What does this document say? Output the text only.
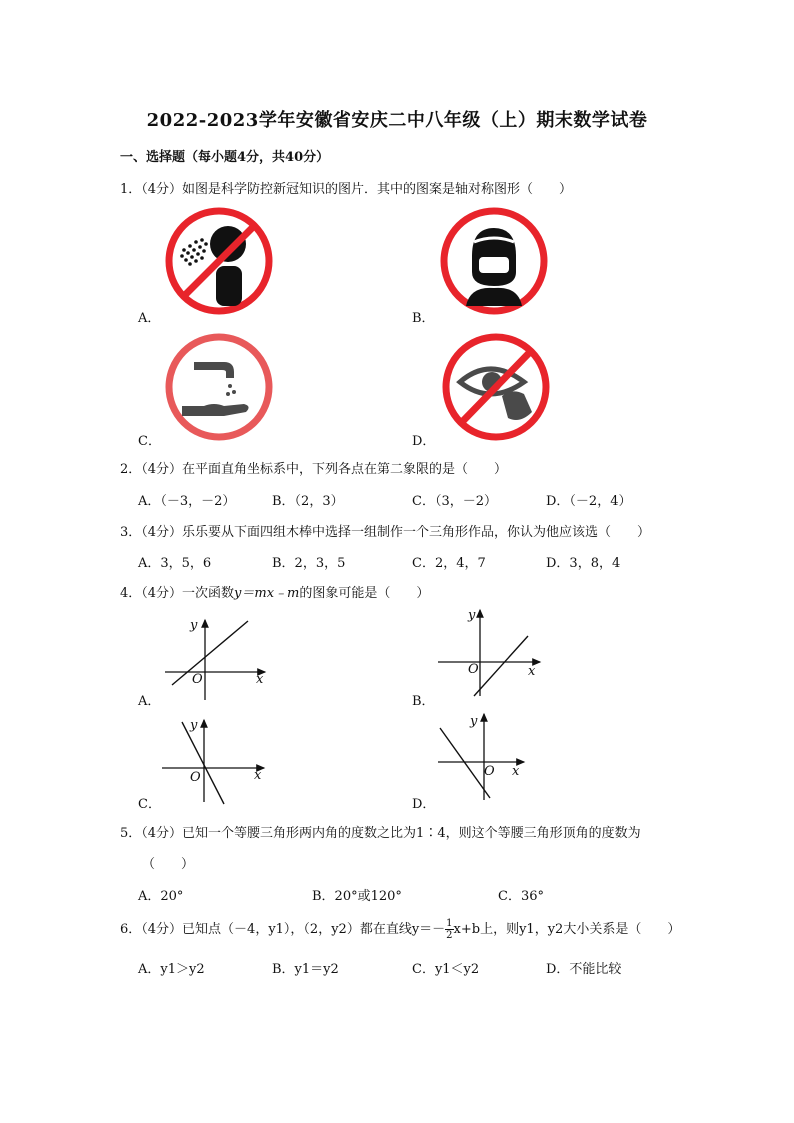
2022-2023学年安徽省安庆二中八年级（上）期末数学试卷
一、选择题（每小题4分，共40分）
1．（4分）如图是科学防控新冠知识的图片．其中的图案是轴对称图形（　　）
A．	B．
C．	D．
2．（4分）在平面直角坐标系中，下列各点在第二象限的是（　　）
A．（－3，－2）	B．（2，3）	C．（3，－2）	D．（－2，4）
3．（4分）乐乐要从下面四组木棒中选择一组制作一个三角形作品，你认为他应该选（　　）
A．3，5，6	B．2，3，5	C．2，4，7	D．3，8，4
4．（4分）一次函数y＝mx﹣m的图象可能是（　　）
y
x
O
A．
y
x
O
B．
y
x
O
C．
y
x
O
D．
5．（4分）已知一个等腰三角形两内角的度数之比为1∶4，则这个等腰三角形顶角的度数为
（　　）
A．20°	B．20°或120°	C．36°
6．（4分）已知点（－4，y1），（2，y2）都在直线$y=- \frac{1}{2} x+b$上，则y1，y2大小关系是（　　）
A．y1＞y2	B．y1＝y2	C．y1＜y2	D．不能比较
